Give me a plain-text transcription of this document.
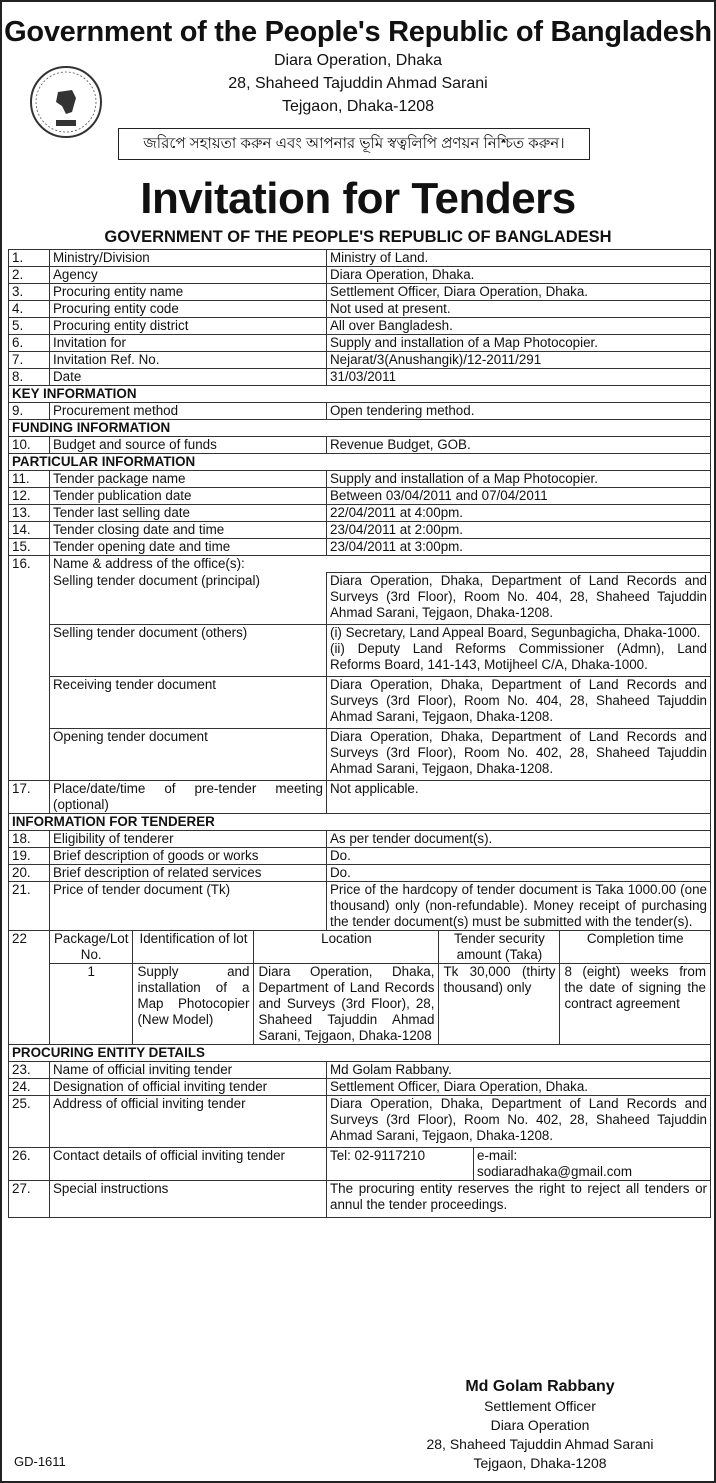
Government of the People's Republic of Bangladesh
Diara Operation, Dhaka
28, Shaheed Tajuddin Ahmad Sarani
Tejgaon, Dhaka-1208
জরিপে সহায়তা করুন এবং আপনার ভূমি স্বত্বলিপি প্রণয়ন নিশ্চিত করুন।
Invitation for Tenders
GOVERNMENT OF THE PEOPLE'S REPUBLIC OF BANGLADESH
1.	Ministry/Division	Ministry of Land.
2.	Agency	Diara Operation, Dhaka.
3.	Procuring entity name	Settlement Officer, Diara Operation, Dhaka.
4.	Procuring entity code	Not used at present.
5.	Procuring entity district	All over Bangladesh.
6.	Invitation for	Supply and installation of a Map Photocopier.
7.	Invitation Ref. No.	Nejarat/3(Anushangik)/12-2011/291
8.	Date	31/03/2011
KEY INFORMATION
9.	Procurement method	Open tendering method.
FUNDING INFORMATION
10.	Budget and source of funds	Revenue Budget, GOB.
PARTICULAR INFORMATION
11.	Tender package name	Supply and installation of a Map Photocopier.
12.	Tender publication date	Between 03/04/2011 and 07/04/2011
13.	Tender last selling date	22/04/2011 at 4:00pm.
14.	Tender closing date and time	23/04/2011 at 2:00pm.
15.	Tender opening date and time	23/04/2011 at 3:00pm.
16.	Name & address of the office(s):
Selling tender document (principal)	Diara Operation, Dhaka, Department of Land Records and Surveys (3rd Floor), Room No. 404, 28, Shaheed Tajuddin Ahmad Sarani, Tejgaon, Dhaka-1208.
Selling tender document (others)	(i) Secretary, Land Appeal Board, Segunbagicha, Dhaka-1000.
(ii) Deputy Land Reforms Commissioner (Admn), Land Reforms Board, 141-143, Motijheel C/A, Dhaka-1000.

Receiving tender document	Diara Operation, Dhaka, Department of Land Records and Surveys (3rd Floor), Room No. 404, 28, Shaheed Tajuddin Ahmad Sarani, Tejgaon, Dhaka-1208.
Opening tender document	Diara Operation, Dhaka, Department of Land Records and Surveys (3rd Floor), Room No. 402, 28, Shaheed Tajuddin Ahmad Sarani, Tejgaon, Dhaka-1208.
17.	Place/date/time of pre-tender meeting (optional)	Not applicable.
INFORMATION FOR TENDERER
18.	Eligibility of tenderer	As per tender document(s).
19.	Brief description of goods or works	Do.
20.	Brief description of related services	Do.
21.	Price of tender document (Tk)	Price of the hardcopy of tender document is Taka 1000.00 (one thousand) only (non-refundable). Money receipt of purchasing the tender document(s) must be submitted with the tender(s).
22	Package/Lot No.	Identification of lot	Location	Tender security amount (Taka)	Completion time
1	Supply and installation of a Map Photocopier (New Model)	Diara Operation, Dhaka, Department of Land Records and Surveys (3rd Floor), 28, Shaheed Tajuddin Ahmad Sarani, Tejgaon, Dhaka-1208	Tk 30,000 (thirty thousand) only	8 (eight) weeks from the date of signing the contract agreement

PROCURING ENTITY DETAILS
23.	Name of official inviting tender	Md Golam Rabbany.
24.	Designation of official inviting tender	Settlement Officer, Diara Operation, Dhaka.
25.	Address of official inviting tender	Diara Operation, Dhaka, Department of Land Records and Surveys (3rd Floor), Room No. 402, 28, Shaheed Tajuddin Ahmad Sarani, Tejgaon, Dhaka-1208.
26.	Contact details of official inviting tender	Tel: 02-9117210	e-mail:
sodiaradhaka@gmail.com

27.	Special instructions	The procuring entity reserves the right to reject all tenders or annul the tender proceedings.
Md Golam Rabbany
Settlement Officer
Diara Operation
28, Shaheed Tajuddin Ahmad Sarani
Tejgaon, Dhaka-1208
GD-1611
